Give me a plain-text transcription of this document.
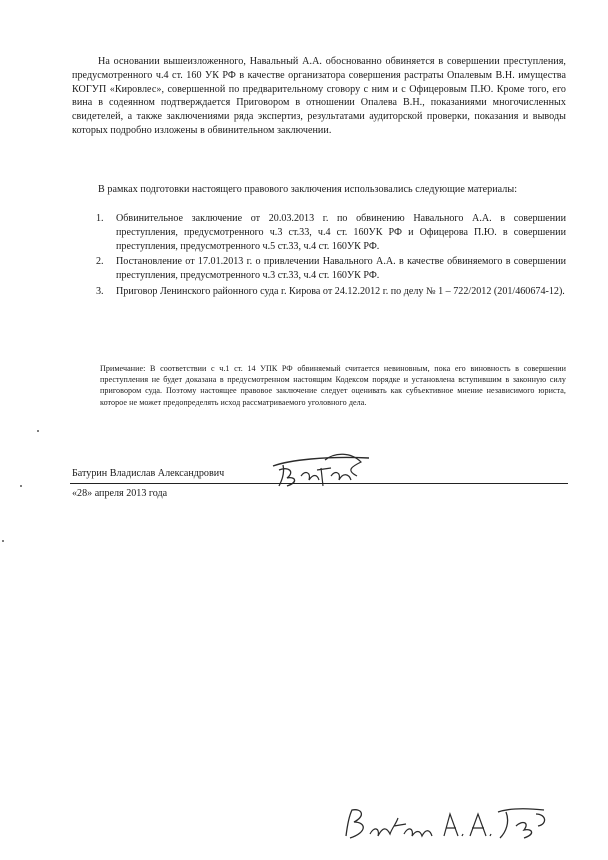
На основании вышеизложенного, Навальный А.А. обоснованно обвиняется в совершении преступления, предусмотренного ч.4 ст. 160 УК РФ в качестве организатора совершения растраты Опалевым В.Н. имущества КОГУП «Кировлес», совершенной по предварительному сговору с ним и с Офицеровым П.Ю. Кроме того, его вина в содеянном подтверждается Приговором в отношении Опалева В.Н., показаниями многочисленных свидетелей, а также заключениями ряда экспертиз, результатами аудиторской проверки, показания и выводы которых подробно изложены в обвинительном заключении.

В рамках подготовки настоящего правового заключения использовались следующие материалы:

1. Обвинительное заключение от 20.03.2013 г. по обвинению Навального А.А. в совершении преступления, предусмотренного ч.3 ст.33, ч.4 ст. 160УК РФ и Офицерова П.Ю. в совершении преступления, предусмотренного ч.5 ст.33, ч.4 ст. 160УК РФ.
2. Постановление от 17.01.2013 г. о привлечении Навального А.А. в качестве обвиняемого в совершении преступления, предусмотренного ч.3 ст.33, ч.4 ст. 160УК РФ.
3. Приговор Ленинского районного суда г. Кирова от 24.12.2012 г. по делу № 1 – 722/2012 (201/460674-12).

Примечание: В соответствии с ч.1 ст. 14 УПК РФ обвиняемый считается невиновным, пока его виновность в совершении преступления не будет доказана в предусмотренном настоящим Кодексом порядке и установлена вступившим в законную силу приговором суда. Поэтому настоящее правовое заключение следует оценивать как субъективное мнение независимого юриста, которое не может предопределять исход рассматриваемого уголовного дела.

Батурин Владислав Александрович

«28» апреля 2013 года
